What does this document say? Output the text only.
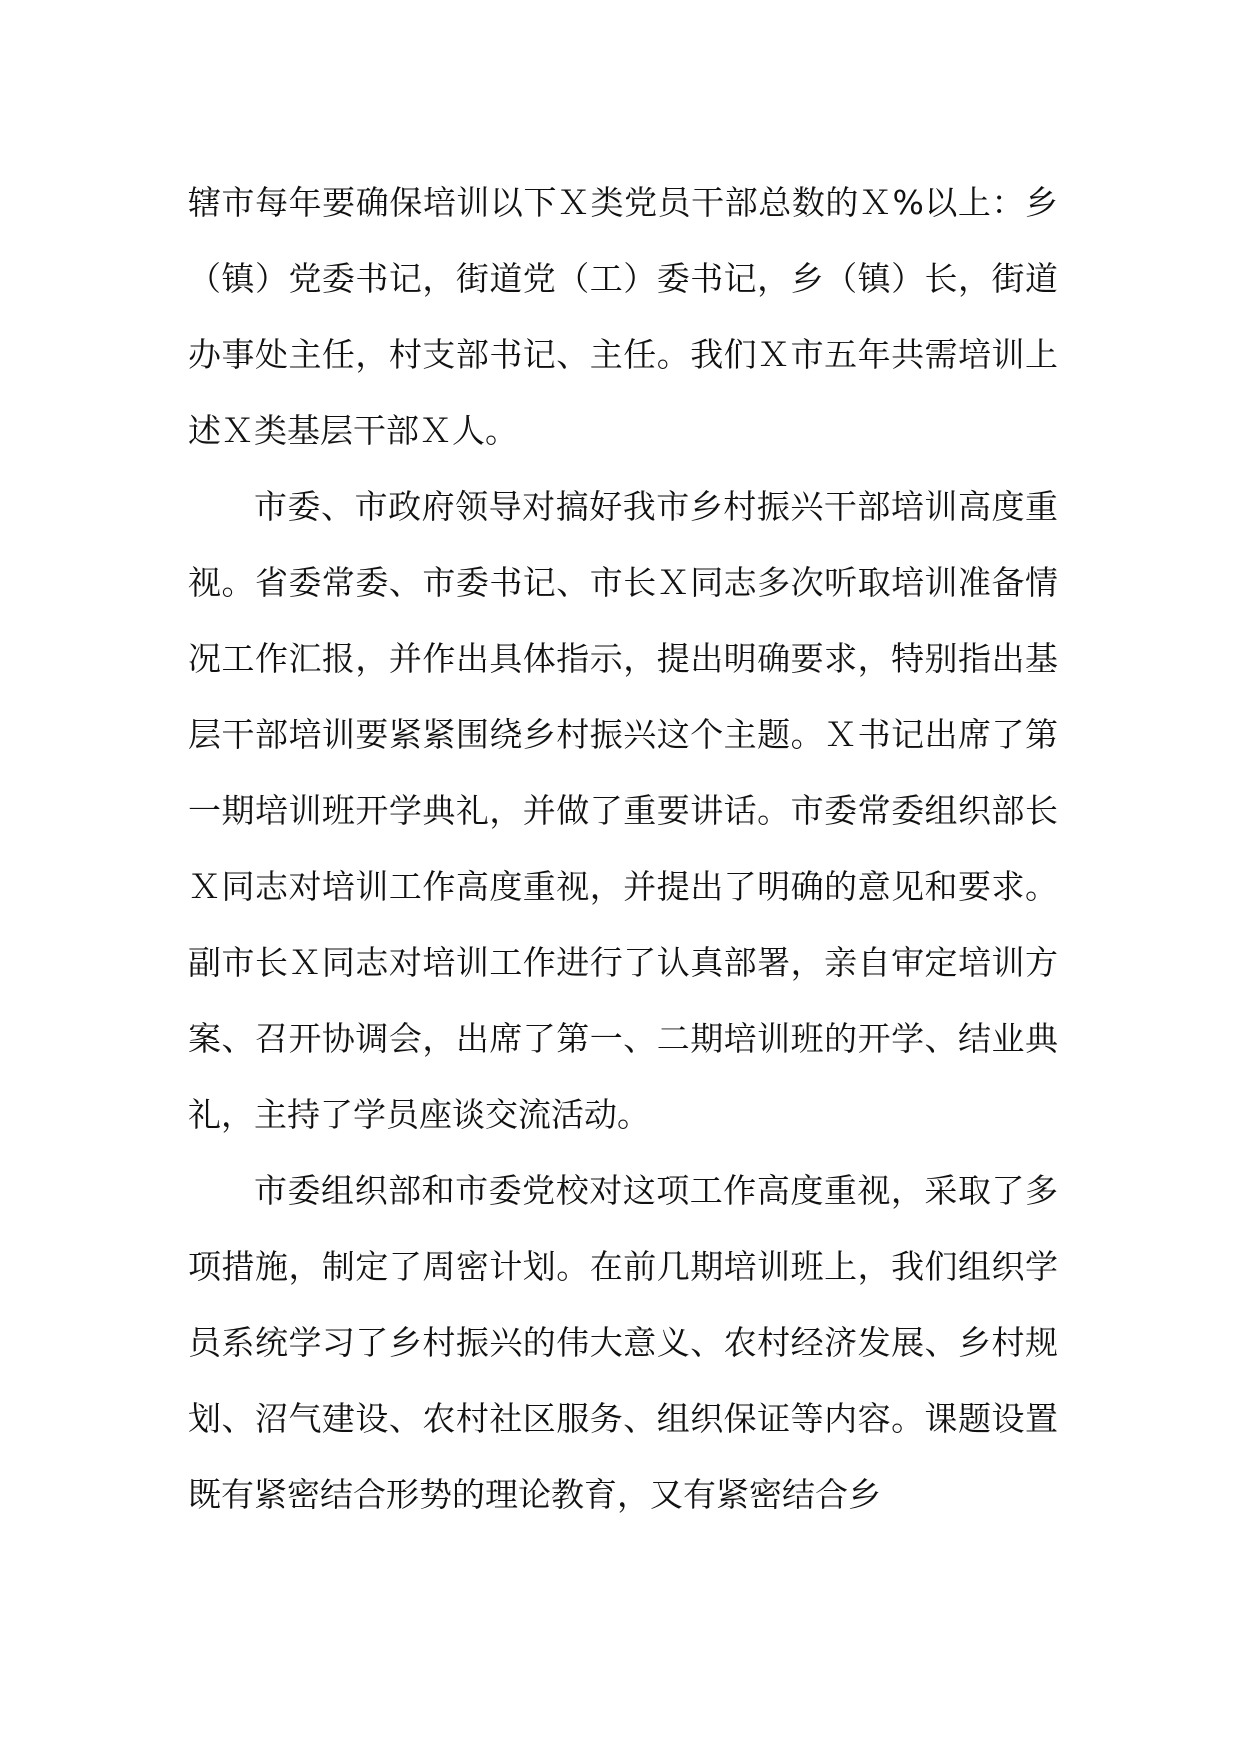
辖市每年要确保培训以下Ｘ类党员干部总数的Ｘ%以上：乡（镇）党委书记，街道党（工）委书记，乡（镇）长，街道办事处主任，村支部书记、主任。我们Ｘ市五年共需培训上述Ｘ类基层干部Ｘ人。

市委、市政府领导对搞好我市乡村振兴干部培训高度重视。省委常委、市委书记、市长Ｘ同志多次听取培训准备情况工作汇报，并作出具体指示，提出明确要求，特别指出基层干部培训要紧紧围绕乡村振兴这个主题。Ｘ书记出席了第一期培训班开学典礼，并做了重要讲话。市委常委组织部长Ｘ同志对培训工作高度重视，并提出了明确的意见和要求。副市长Ｘ同志对培训工作进行了认真部署，亲自审定培训方案、召开协调会，出席了第一、二期培训班的开学、结业典礼，主持了学员座谈交流活动。

市委组织部和市委党校对这项工作高度重视，采取了多项措施，制定了周密计划。在前几期培训班上，我们组织学员系统学习了乡村振兴的伟大意义、农村经济发展、乡村规划、沼气建设、农村社区服务、组织保证等内容。课题设置既有紧密结合形势的理论教育，又有紧密结合乡
